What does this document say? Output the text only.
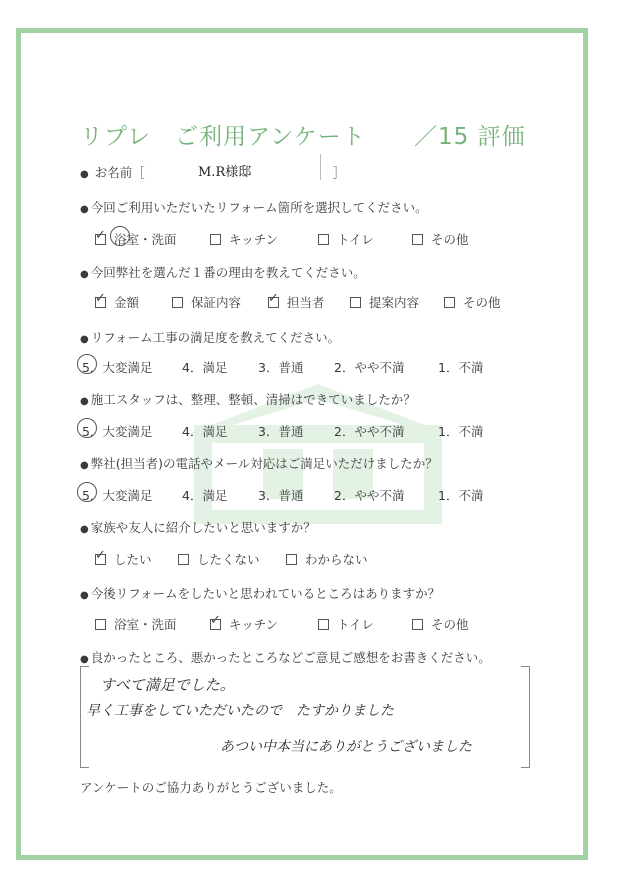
リプレ　ご利用アンケート ／15 評価
● お名前［	M.R様邸	● ］
● 今回ご利用いただいたリフォーム箇所を選択してください。
✓
浴室・洗面	キッチン	トイレ	その他
● 今回弊社を選んだ１番の理由を教えてください。
✓
金額	保証内容 ✓	担当者	提案内容	その他
● リフォーム工事の満足度を教えてください。
5．大変満足 4．満足 3．普通 2．やや不満	1．不満
● 施工スタッフは、整理、整頓、清掃はできていましたか？
5．大変満足 4．満足 3．普通 2．やや不満	1．不満
● 弊社(担当者)の電話やメール対応はご満足いただけましたか？
5．大変満足 4．満足 3．普通 2．やや不満	1．不満
● 家族や友人に紹介したいと思いますか？
✓
したい	したくない	わからない
● 今後リフォームをしたいと思われているところはありますか？
浴室・洗面 ✓	キッチン	トイレ	その他
● 良かったところ、悪かったところなどご意見ご感想をお書きください。
すべて満足でした。
早く工事をしていただいたので　たすかりました
あつい中本当にありがとうございました
アンケートのご協力ありがとうございました。
